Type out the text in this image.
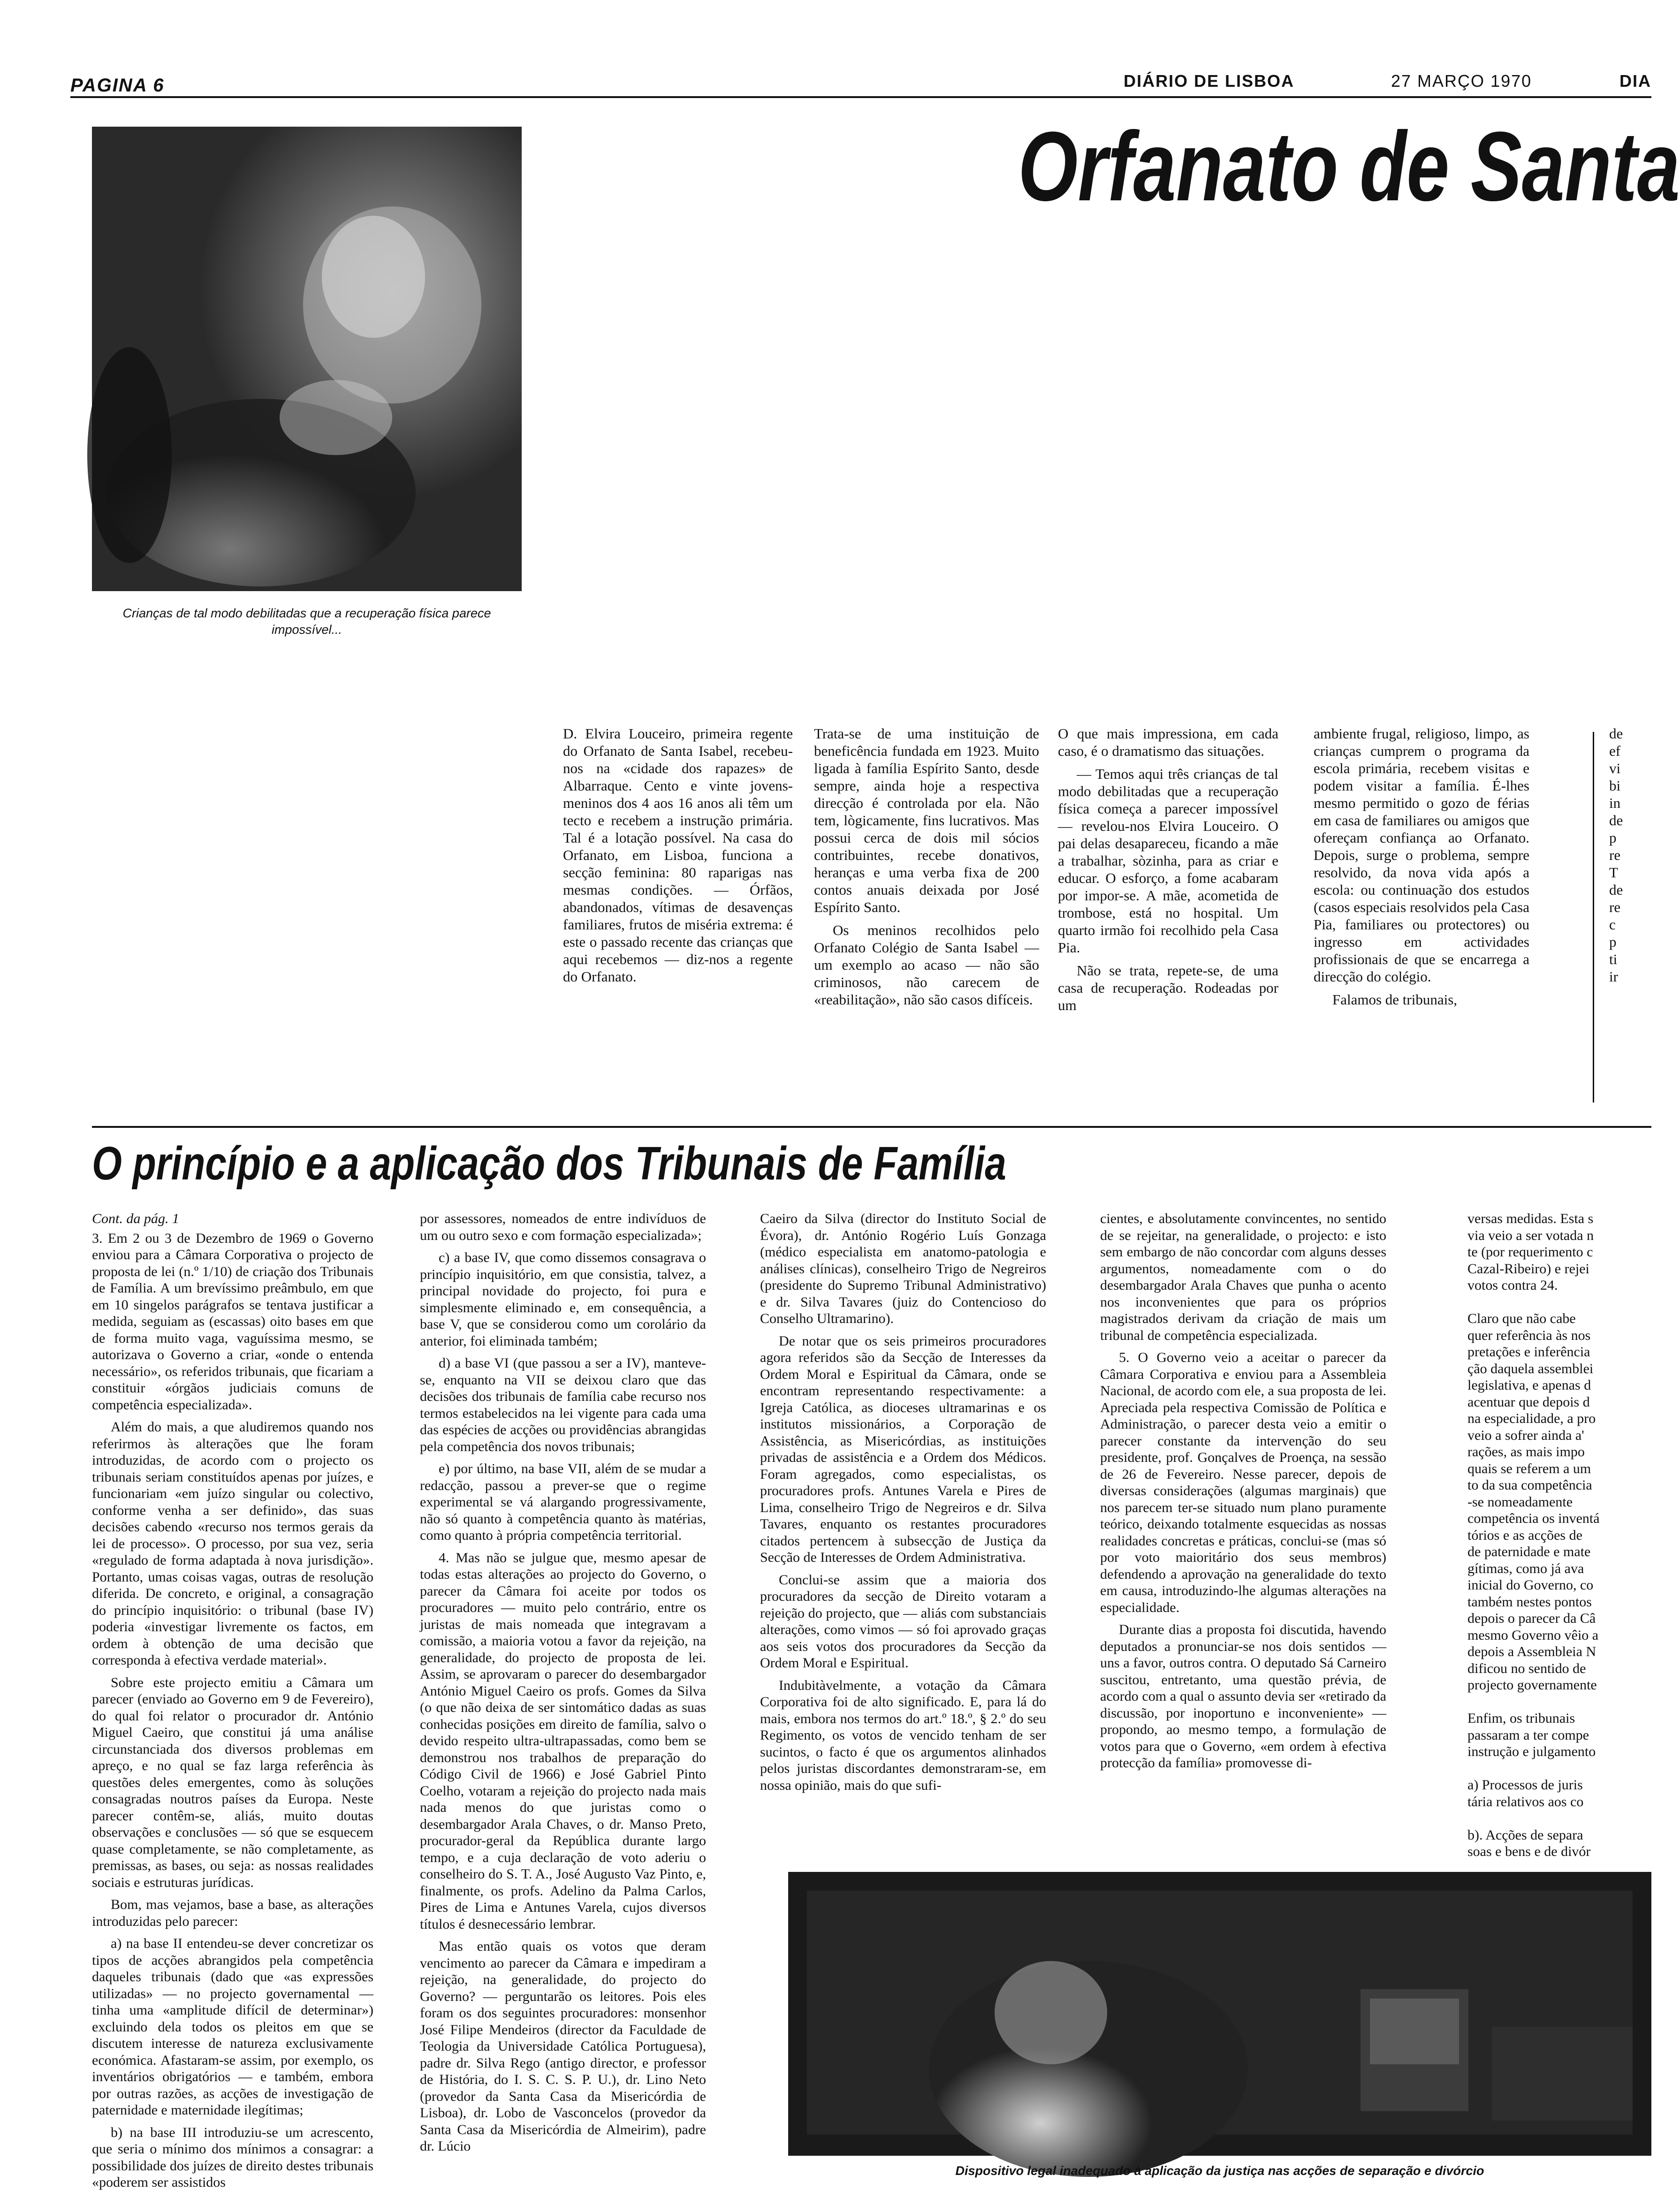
PAGINA 6	DIÁRIO DE LISBOA	27 MARÇO 1970	DIA
Crianças de tal modo debilitadas que a recuperação física parece impossível...
Orfanato de Santa
D. Elvira Louceiro, primeira regente do Orfanato de Santa Isabel, recebeu-nos na «cidade dos rapazes» de Albarraque. Cento e vinte jovens-meninos dos 4 aos 16 anos ali têm um tecto e recebem a instrução primária. Tal é a lotação possível. Na casa do Orfanato, em Lisboa, funciona a secção feminina: 80 raparigas nas mesmas condições. — Órfãos, abandonados, vítimas de desavenças familiares, frutos de miséria extrema: é este o passado recente das crianças que aqui recebemos — diz-nos a regente do Orfanato.

Trata-se de uma instituição de beneficência fundada em 1923. Muito ligada à família Espírito Santo, desde sempre, ainda hoje a respectiva direcção é controlada por ela. Não tem, lògicamente, fins lucrativos. Mas possui cerca de dois mil sócios contribuintes, recebe donativos, heranças e uma verba fixa de 200 contos anuais deixada por José Espírito Santo.

Os meninos recolhidos pelo Orfanato Colégio de Santa Isabel — um exemplo ao acaso — não são criminosos, não carecem de «reabilitação», não são casos difíceis.

O que mais impressiona, em cada caso, é o dramatismo das situações.

— Temos aqui três crianças de tal modo debilitadas que a recuperação física começa a parecer impossível — revelou-nos Elvira Louceiro. O pai delas desapareceu, ficando a mãe a trabalhar, sòzinha, para as criar e educar. O esforço, a fome acabaram por impor-se. A mãe, acometida de trombose, está no hospital. Um quarto irmão foi recolhido pela Casa Pia.

Não se trata, repete-se, de uma casa de recuperação. Rodeadas por um

ambiente frugal, religioso, limpo, as crianças cumprem o programa da escola primária, recebem visitas e podem visitar a família. É-lhes mesmo permitido o gozo de férias em casa de familiares ou amigos que ofereçam confiança ao Orfanato. Depois, surge o problema, sempre resolvido, da nova vida após a escola: ou continuação dos estudos (casos especiais resolvidos pela Casa Pia, familiares ou protectores) ou ingresso em actividades profissionais de que se encarrega a direcção do colégio.

Falamos de tribunais,

de ef vi bi in de p re T de re c p ti ir
O princípio e a aplicação dos Tribunais de Família
Cont. da pág. 1

3. Em 2 ou 3 de Dezembro de 1969 o Governo enviou para a Câmara Corporativa o projecto de proposta de lei (n.º 1/10) de criação dos Tribunais de Família. A um brevíssimo preâmbulo, em que em 10 singelos parágrafos se tentava justificar a medida, seguiam as (escassas) oito bases em que de forma muito vaga, vaguíssima mesmo, se autorizava o Governo a criar, «onde o entenda necessário», os referidos tribunais, que ficariam a constituir «órgãos judiciais comuns de competência especializada».

Além do mais, a que aludiremos quando nos referirmos às alterações que lhe foram introduzidas, de acordo com o projecto os tribunais seriam constituídos apenas por juízes, e funcionariam «em juízo singular ou colectivo, conforme venha a ser definido», das suas decisões cabendo «recurso nos termos gerais da lei de processo». O processo, por sua vez, seria «regulado de forma adaptada à nova jurisdição». Portanto, umas coisas vagas, outras de resolução diferida. De concreto, e original, a consagração do princípio inquisitório: o tribunal (base IV) poderia «investigar livremente os factos, em ordem à obtenção de uma decisão que corresponda à efectiva verdade material».

Sobre este projecto emitiu a Câmara um parecer (enviado ao Governo em 9 de Fevereiro), do qual foi relator o procurador dr. António Miguel Caeiro, que constitui já uma análise circunstanciada dos diversos problemas em apreço, e no qual se faz larga referência às questões deles emergentes, como às soluções consagradas noutros países da Europa. Neste parecer contêm-se, aliás, muito doutas observações e conclusões — só que se esquecem quase completamente, se não completamente, as premissas, as bases, ou seja: as nossas realidades sociais e estruturas jurídicas.

Bom, mas vejamos, base a base, as alterações introduzidas pelo parecer:

a) na base II entendeu-se dever concretizar os tipos de acções abrangidos pela competência daqueles tribunais (dado que «as expressões utilizadas» — no projecto governamental — tinha uma «amplitude difícil de determinar») excluindo dela todos os pleitos em que se discutem interesse de natureza exclusivamente económica. Afastaram-se assim, por exemplo, os inventários obrigatórios — e também, embora por outras razões, as acções de investigação de paternidade e maternidade ilegítimas;

b) na base III introduziu-se um acrescento, que seria o mínimo dos mínimos a consagrar: a possibilidade dos juízes de direito destes tribunais «poderem ser assistidos

por assessores, nomeados de entre indivíduos de um ou outro sexo e com formação especializada»;

c) a base IV, que como dissemos consagrava o princípio inquisitório, em que consistia, talvez, a principal novidade do projecto, foi pura e simplesmente eliminado e, em consequência, a base V, que se considerou como um corolário da anterior, foi eliminada também;

d) a base VI (que passou a ser a IV), manteve-se, enquanto na VII se deixou claro que das decisões dos tribunais de família cabe recurso nos termos estabelecidos na lei vigente para cada uma das espécies de acções ou providências abrangidas pela competência dos novos tribunais;

e) por último, na base VII, além de se mudar a redacção, passou a prever-se que o regime experimental se vá alargando progressivamente, não só quanto à competência quanto às matérias, como quanto à própria competência territorial.

4. Mas não se julgue que, mesmo apesar de todas estas alterações ao projecto do Governo, o parecer da Câmara foi aceite por todos os procuradores — muito pelo contrário, entre os juristas de mais nomeada que integravam a comissão, a maioria votou a favor da rejeição, na generalidade, do projecto de proposta de lei. Assim, se aprovaram o parecer do desembargador António Miguel Caeiro os profs. Gomes da Silva (o que não deixa de ser sintomático dadas as suas conhecidas posições em direito de família, salvo o devido respeito ultra-ultrapassadas, como bem se demonstrou nos trabalhos de preparação do Código Civil de 1966) e José Gabriel Pinto Coelho, votaram a rejeição do projecto nada mais nada menos do que juristas como o desembargador Arala Chaves, o dr. Manso Preto, procurador-geral da República durante largo tempo, e a cuja declaração de voto aderiu o conselheiro do S. T. A., José Augusto Vaz Pinto, e, finalmente, os profs. Adelino da Palma Carlos, Pires de Lima e Antunes Varela, cujos diversos títulos é desnecessário lembrar.

Mas então quais os votos que deram vencimento ao parecer da Câmara e impediram a rejeição, na generalidade, do projecto do Governo? — perguntarão os leitores. Pois eles foram os dos seguintes procuradores: monsenhor José Filipe Mendeiros (director da Faculdade de Teologia da Universidade Católica Portuguesa), padre dr. Silva Rego (antigo director, e professor de História, do I. S. C. S. P. U.), dr. Lino Neto (provedor da Santa Casa da Misericórdia de Lisboa), dr. Lobo de Vasconcelos (provedor da Santa Casa da Misericórdia de Almeirim), padre dr. Lúcio

Caeiro da Silva (director do Instituto Social de Évora), dr. António Rogério Luís Gonzaga (médico especialista em anatomo-patologia e análises clínicas), conselheiro Trigo de Negreiros (presidente do Supremo Tribunal Administrativo) e dr. Silva Tavares (juiz do Contencioso do Conselho Ultramarino).

De notar que os seis primeiros procuradores agora referidos são da Secção de Interesses da Ordem Moral e Espiritual da Câmara, onde se encontram representando respectivamente: a Igreja Católica, as dioceses ultramarinas e os institutos missionários, a Corporação de Assistência, as Misericórdias, as instituições privadas de assistência e a Ordem dos Médicos. Foram agregados, como especialistas, os procuradores profs. Antunes Varela e Pires de Lima, conselheiro Trigo de Negreiros e dr. Silva Tavares, enquanto os restantes procuradores citados pertencem à subsecção de Justiça da Secção de Interesses de Ordem Administrativa.

Conclui-se assim que a maioria dos procuradores da secção de Direito votaram a rejeição do projecto, que — aliás com substanciais alterações, como vimos — só foi aprovado graças aos seis votos dos procuradores da Secção da Ordem Moral e Espiritual.

Indubitàvelmente, a votação da Câmara Corporativa foi de alto significado. E, para lá do mais, embora nos termos do art.º 18.º, § 2.º do seu Regimento, os votos de vencido tenham de ser sucintos, o facto é que os argumentos alinhados pelos juristas discordantes demonstraram-se, em nossa opinião, mais do que sufi-

cientes, e absolutamente convincentes, no sentido de se rejeitar, na generalidade, o projecto: e isto sem embargo de não concordar com alguns desses argumentos, nomeadamente com o do desembargador Arala Chaves que punha o acento nos inconvenientes que para os próprios magistrados derivam da criação de mais um tribunal de competência especializada.

5. O Governo veio a aceitar o parecer da Câmara Corporativa e enviou para a Assembleia Nacional, de acordo com ele, a sua proposta de lei. Apreciada pela respectiva Comissão de Política e Administração, o parecer desta veio a emitir o parecer constante da intervenção do seu presidente, prof. Gonçalves de Proença, na sessão de 26 de Fevereiro. Nesse parecer, depois de diversas considerações (algumas marginais) que nos parecem ter-se situado num plano puramente teórico, deixando totalmente esquecidas as nossas realidades concretas e práticas, conclui-se (mas só por voto maioritário dos seus membros) defendendo a aprovação na generalidade do texto em causa, introduzindo-lhe algumas alterações na especialidade.

Durante dias a proposta foi discutida, havendo deputados a pronunciar-se nos dois sentidos — uns a favor, outros contra. O deputado Sá Carneiro suscitou, entretanto, uma questão prévia, de acordo com a qual o assunto devia ser «retirado da discussão, por inoportuno e inconveniente» — propondo, ao mesmo tempo, a formulação de votos para que o Governo, «em ordem à efectiva protecção da família» promovesse di-

versas medidas. Esta s
via veio a ser votada n
te (por requerimento c
Cazal-Ribeiro) e rejei
votos contra 24.

Claro que não cabe
quer referência às nos
pretações e inferência
ção daquela assemblei
legislativa, e apenas d
acentuar que depois d
na especialidade, a pro
veio a sofrer ainda a'
rações, as mais impo
quais se referem a um
to da sua competência
-se nomeadamente
competência os inventá
tórios e as acções de
de paternidade e mate
gítimas, como já ava
inicial do Governo, co
também nestes pontos
depois o parecer da Câ
mesmo Governo vêio a
depois a Assembleia N
dificou no sentido de
projecto governamente

Enfim, os tribunais
passaram a ter compe
instrução e julgamento

a) Processos de juris
tária relativos aos co

b). Acções de separa
soas e bens e de divór

Dispositivo legal inadequado à aplicação da justiça nas acções de separação e divórcio
